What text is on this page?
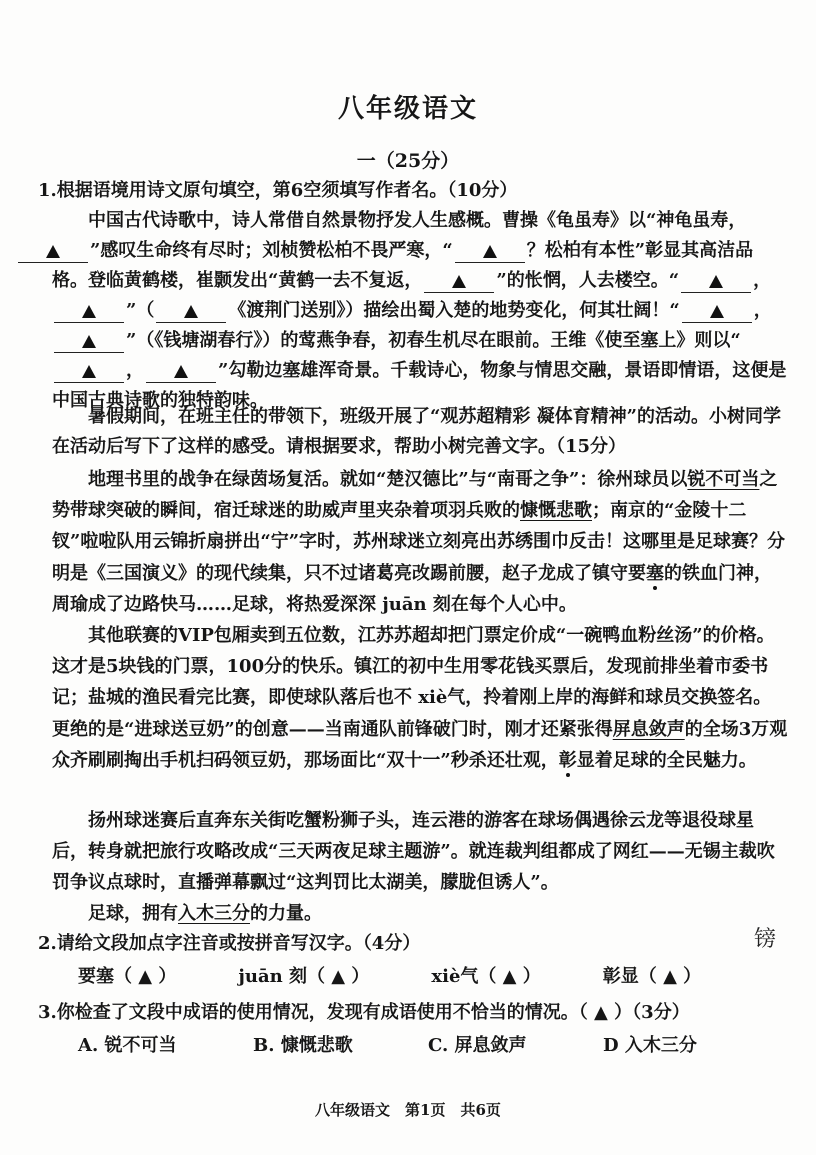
八年级语文
一（25分）
1.根据语境用诗文原句填空，第6空须填写作者名。（10分）
中国古代诗歌中，诗人常借自然景物抒发人生感概。曹操《龟虽寿》以“神龟虽寿，
”感叹生命终有尽时；刘桢赞松柏不畏严寒，“	？松柏有本性”彰显其高洁品格。登临黄鹤楼，崔颢发出“黄鹤一去不复返，	”的怅惘，人去楼空。“	，”（	《渡荆门送别》）描绘出蜀入楚的地势变化，何其壮阔！“	，”（《钱塘湖春行》）的莺燕争春，初春生机尽在眼前。王维《使至塞上》则以“，	”勾勒边塞雄浑奇景。千载诗心，物象与情思交融，景语即情语，这便是中国古典诗歌的独特韵味。
暑假期间，在班主任的带领下，班级开展了“观苏超精彩 凝体育精神”的活动。小树同学在活动后写下了这样的感受。请根据要求，帮助小树完善文字。（15分）
地理书里的战争在绿茵场复活。就如“楚汉德比”与“南哥之争”：徐州球员以锐不可当之势带球突破的瞬间，宿迁球迷的助威声里夹杂着项羽兵败的慷慨悲歌；南京的“金陵十二钗”啦啦队用云锦折扇拼出“宁”字时，苏州球迷立刻亮出苏绣围巾反击！这哪里是足球赛？分明是《三国演义》的现代续集，只不过诸葛亮改踢前腰，赵子龙成了镇守要塞的铁血门神，周瑜成了边路快马……足球，将热爱深深 juān 刻在每个人心中。
其他联赛的VIP包厢卖到五位数，江苏苏超却把门票定价成“一碗鸭血粉丝汤”的价格。这才是5块钱的门票，100分的快乐。镇江的初中生用零花钱买票后，发现前排坐着市委书记；盐城的渔民看完比赛，即使球队落后也不 xiè气，拎着刚上岸的海鲜和球员交换签名。更绝的是“进球送豆奶”的创意——当南通队前锋破门时，刚才还紧张得屏息敛声的全场3万观众齐刷刷掏出手机扫码领豆奶，那场面比“双十一”秒杀还壮观，彰显着足球的全民魅力。
扬州球迷赛后直奔东关街吃蟹粉狮子头，连云港的游客在球场偶遇徐云龙等退役球星后，转身就把旅行攻略改成“三天两夜足球主题游”。就连裁判组都成了网红——无锡主裁吹罚争议点球时，直播弹幕飘过“这判罚比太湖美，朦胧但诱人”。
足球，拥有入木三分的力量。
镑
2.请给文段加点字注音或按拼音写汉字。（4分）
要塞（ ▲ ）	juān 刻（ ▲ ）	xiè气（ ▲ ）	彰显（ ▲ ）
3.你检查了文段中成语的使用情况，发现有成语使用不恰当的情况。（ ▲ ）（3分）
A. 锐不可当	B. 慷慨悲歌	C. 屏息敛声	D 入木三分
八年级语文　第1页　共6页
